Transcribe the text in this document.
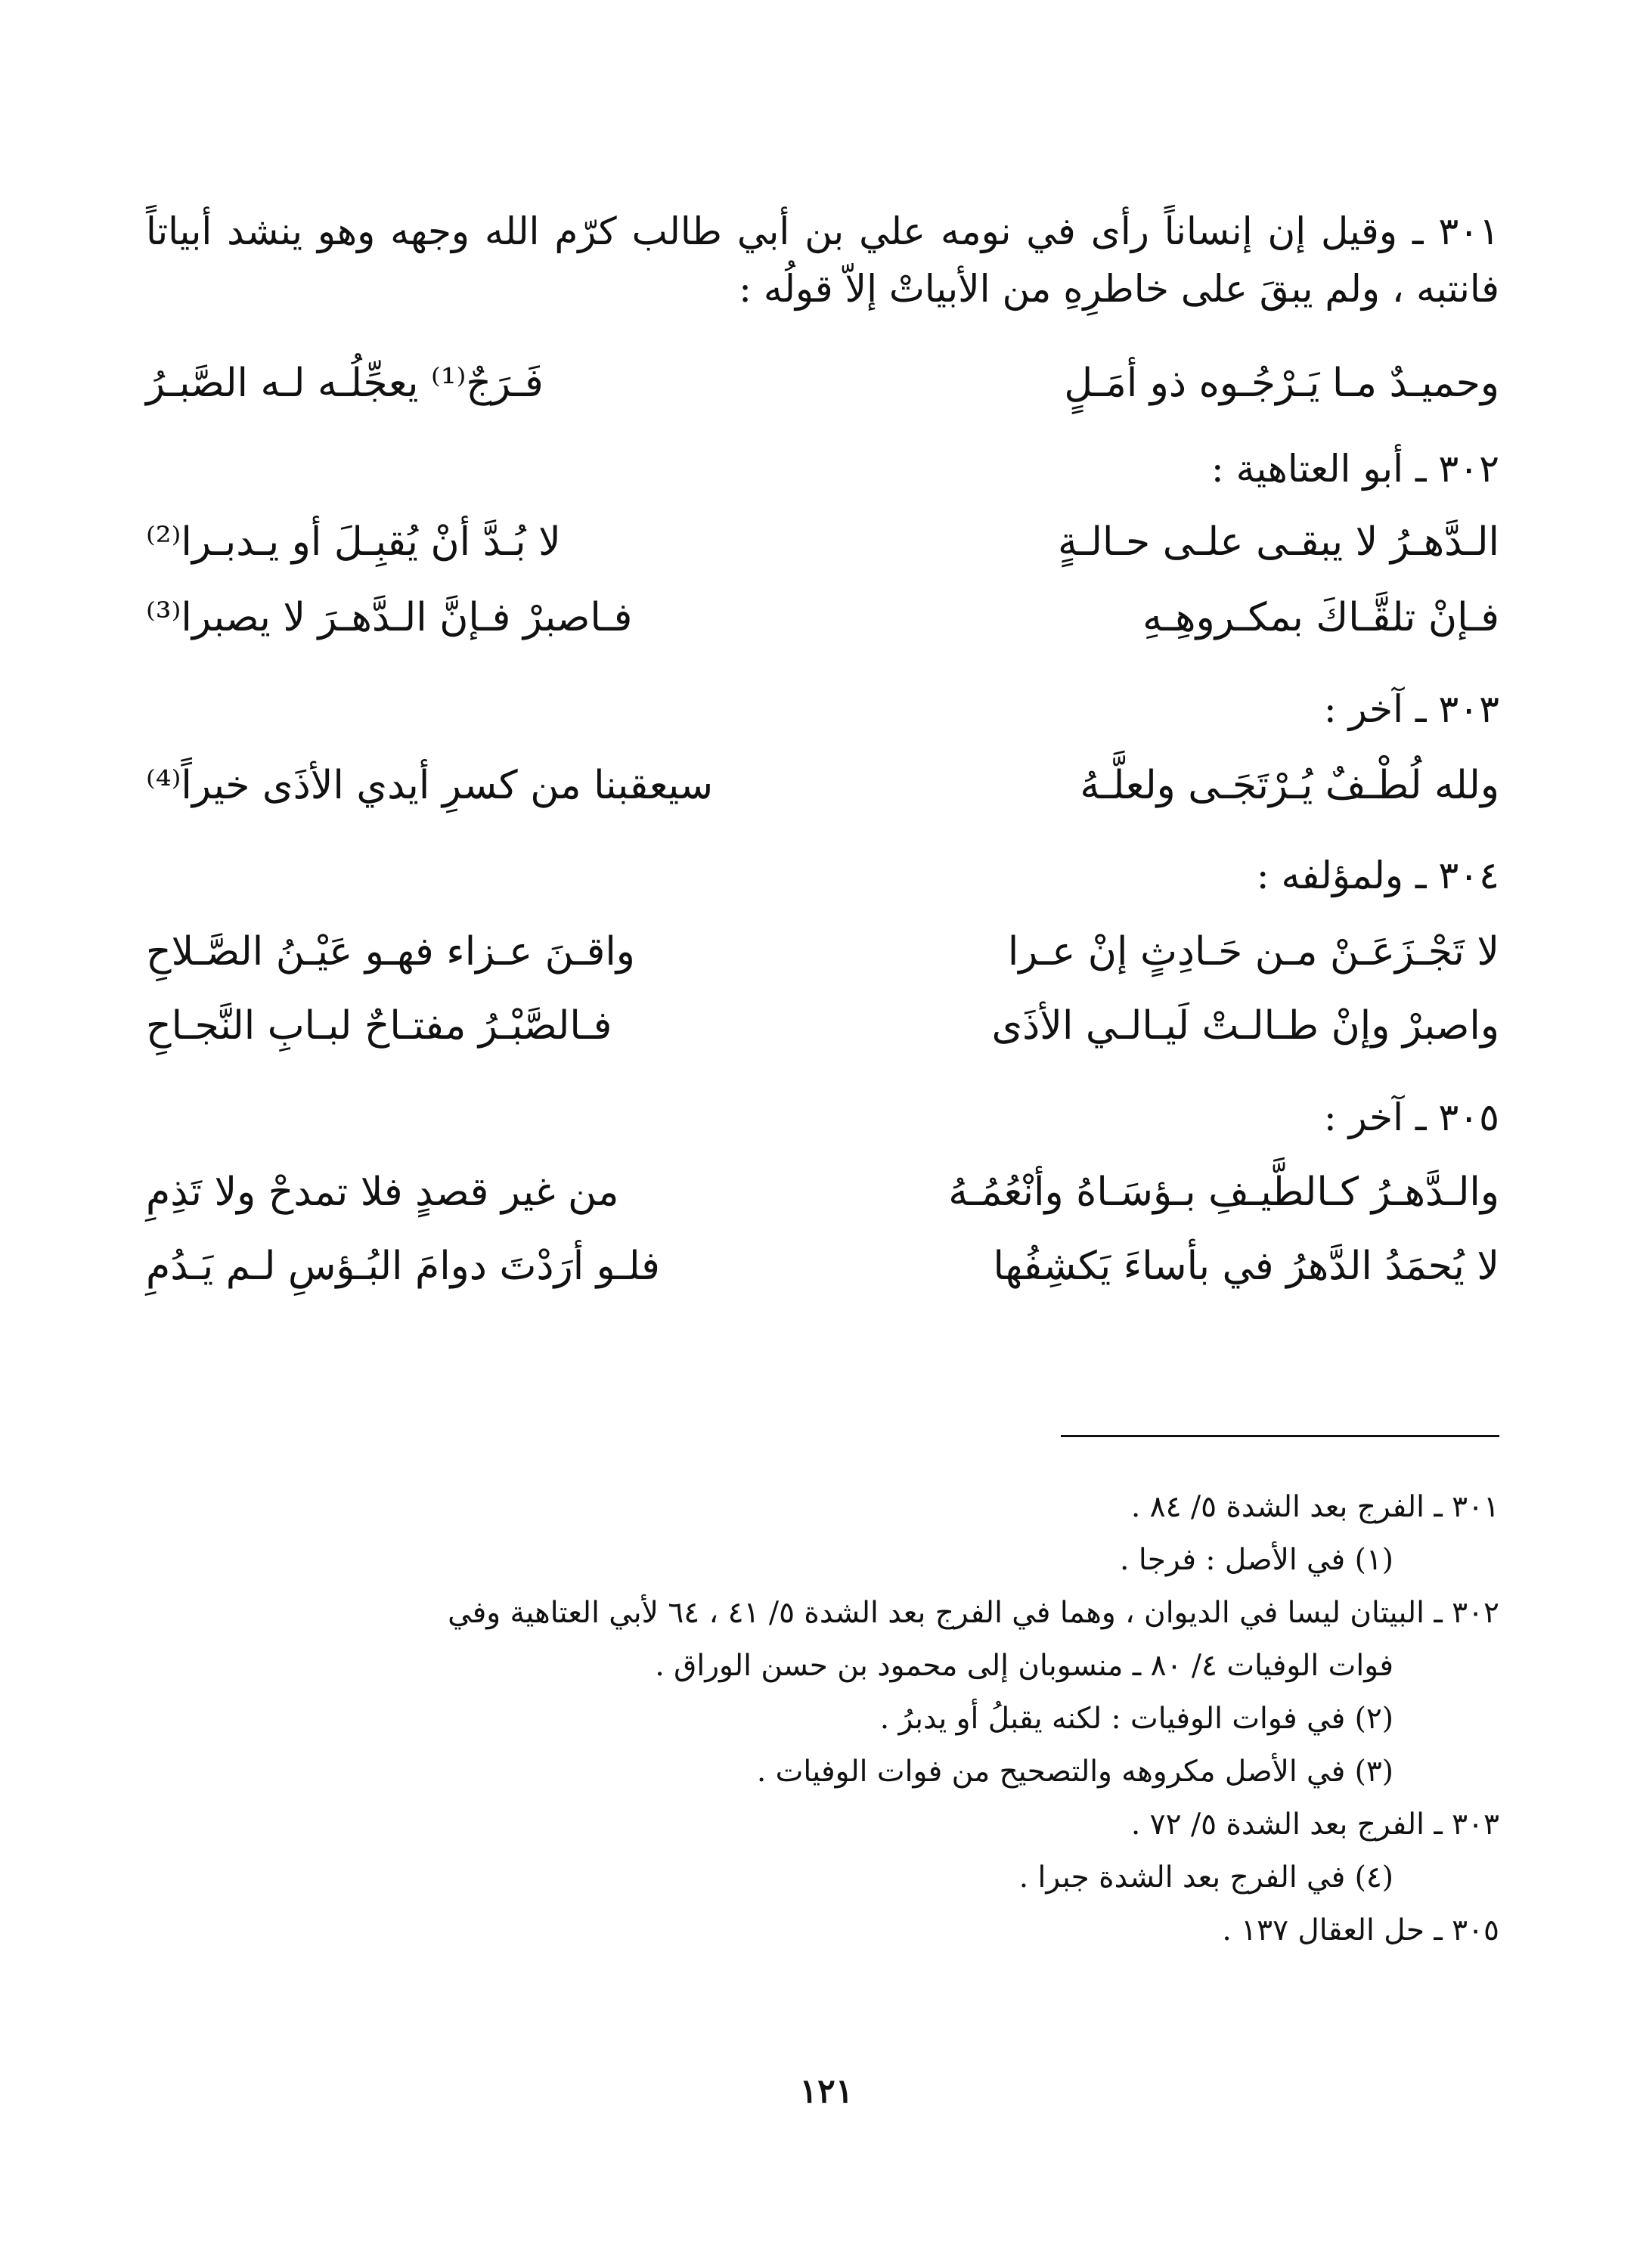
٣٠١ ـ وقيل إن إنساناً رأى في نومه علي بن أبي طالب كرّم الله وجهه وهو ينشد أبياتاً فانتبه ، ولم يبقَ على خاطرِهِ من الأبياتْ إلاّ قولُه :
وحميـدٌ مـا يَـرْجُـوه ذو أمَـلٍ
فَـرَجٌ⁽¹⁾ يعجِّلُـه لـه الصَّبـرُ
٣٠٢ ـ أبو العتاهية :
الـدَّهـرُ لا يبقـى علـى حـالـةٍ
لا بُـدَّ أنْ يُقبِـلَ أو يـدبـرا⁽²⁾
فـإنْ تلقَّـاكَ بمكـروهِـهِ
فـاصبرْ فـإنَّ الـدَّهـرَ لا يصبرا⁽³⁾
٣٠٣ ـ آخر :
ولله لُطْـفٌ يُـرْتَجَـى ولعلَّـهُ
سيعقبنا من كسرِ أيدي الأذَى خيراً⁽⁴⁾
٣٠٤ ـ ولمؤلفه :
لا تَجْـزَعَـنْ مـن حَـادِثٍ إنْ عـرا
واقـنَ عـزاء فهـو عَيْـنُ الصَّـلاحِ
واصبرْ وإنْ طـالـتْ لَيـالـي الأذَى
فـالصَّبْـرُ مفتـاحٌ لبـابِ النَّجـاحِ
٣٠٥ ـ آخر :
والـدَّهـرُ كـالطَّيـفِ بـؤسَـاهُ وأنْعُمُـهُ
من غير قصدٍ فلا تمدحْ ولا تَذِمِ
لا يُحمَدُ الدَّهرُ في بأساءَ يَكشِفُها
فلـو أرَدْتَ دوامَ البُـؤسِ لـم يَـدُمِ
٣٠١ ـ الفرج بعد الشدة ٥/ ٨٤ .
(١) في الأصل : فرجا .
٣٠٢ ـ البيتان ليسا في الديوان ، وهما في الفرج بعد الشدة ٥/ ٤١ ، ٦٤ لأبي العتاهية وفي
فوات الوفيات ٤/ ٨٠ ـ منسوبان إلى محمود بن حسن الوراق .
(٢) في فوات الوفيات : لكنه يقبلُ أو يدبرُ .
(٣) في الأصل مكروهه والتصحيح من فوات الوفيات .
٣٠٣ ـ الفرج بعد الشدة ٥/ ٧٢ .
(٤) في الفرج بعد الشدة جبرا .
٣٠٥ ـ حل العقال ١٣٧ .
١٢١
